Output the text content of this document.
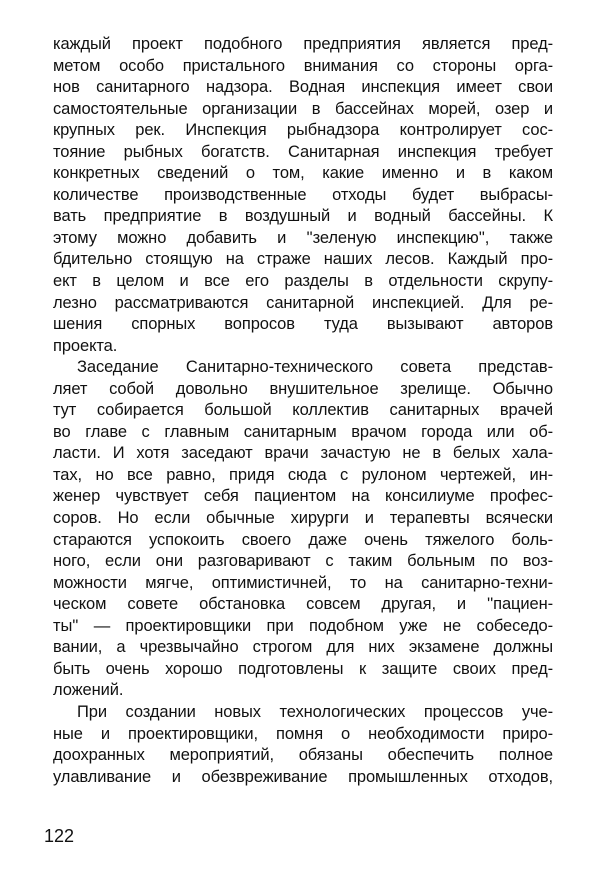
каждый проект подобного предприятия является пред-
метом особо пристального внимания со стороны орга-
нов санитарного надзора. Водная инспекция имеет свои
самостоятельные организации в бассейнах морей, озер и
крупных рек. Инспекция рыбнадзора контролирует сос-
тояние рыбных богатств. Санитарная инспекция требует
конкретных сведений о том, какие именно и в каком
количестве производственные отходы будет выбрасы-
вать предприятие в воздушный и водный бассейны. К
этому можно добавить и ''зеленую инспекцию'', также
бдительно стоящую на страже наших лесов. Каждый про-
ект в целом и все его разделы в отдельности скрупу-
лезно рассматриваются санитарной инспекцией. Для ре-
шения спорных вопросов туда вызывают авторов
проекта.
Заседание Санитарно-технического совета представ-
ляет собой довольно внушительное зрелище. Обычно
тут собирается большой коллектив санитарных врачей
во главе с главным санитарным врачом города или об-
ласти. И хотя заседают врачи зачастую не в белых хала-
тах, но все равно, придя сюда с рулоном чертежей, ин-
женер чувствует себя пациентом на консилиуме профес-
соров. Но если обычные хирурги и терапевты всячески
стараются успокоить своего даже очень тяжелого боль-
ного, если они разговаривают с таким больным по воз-
можности мягче, оптимистичней, то на санитарно-техни-
ческом совете обстановка совсем другая, и ''пациен-
ты'' — проектировщики при подобном уже не собеседо-
вании, а чрезвычайно строгом для них экзамене должны
быть очень хорошо подготовлены к защите своих пред-
ложений.
При создании новых технологических процессов уче-
ные и проектировщики, помня о необходимости приро-
доохранных мероприятий, обязаны обеспечить полное
улавливание и обезвреживание промышленных отходов,
122
